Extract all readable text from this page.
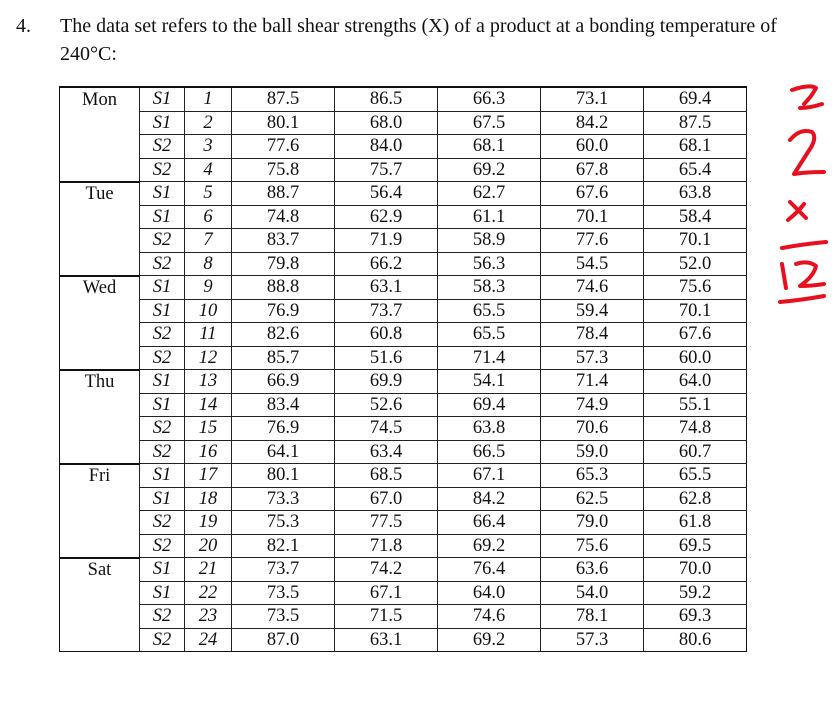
4. The data set refers to the ball shear strengths (X) of a product at a bonding temperature of 240°C:
Mon	S1	1	87.5	86.5	66.3	73.1	69.4
	S1	2	80.1	68.0	67.5	84.2	87.5
	S2	3	77.6	84.0	68.1	60.0	68.1
	S2	4	75.8	75.7	69.2	67.8	65.4
Tue	S1	5	88.7	56.4	62.7	67.6	63.8
	S1	6	74.8	62.9	61.1	70.1	58.4
	S2	7	83.7	71.9	58.9	77.6	70.1
	S2	8	79.8	66.2	56.3	54.5	52.0
Wed	S1	9	88.8	63.1	58.3	74.6	75.6
	S1	10	76.9	73.7	65.5	59.4	70.1
	S2	11	82.6	60.8	65.5	78.4	67.6
	S2	12	85.7	51.6	71.4	57.3	60.0
Thu	S1	13	66.9	69.9	54.1	71.4	64.0
	S1	14	83.4	52.6	69.4	74.9	55.1
	S2	15	76.9	74.5	63.8	70.6	74.8
	S2	16	64.1	63.4	66.5	59.0	60.7
Fri	S1	17	80.1	68.5	67.1	65.3	65.5
	S1	18	73.3	67.0	84.2	62.5	62.8
	S2	19	75.3	77.5	66.4	79.0	61.8
	S2	20	82.1	71.8	69.2	75.6	69.5
Sat	S1	21	73.7	74.2	76.4	63.6	70.0
	S1	22	73.5	67.1	64.0	54.0	59.2
	S2	23	73.5	71.5	74.6	78.1	69.3
	S2	24	87.0	63.1	69.2	57.3	80.6
